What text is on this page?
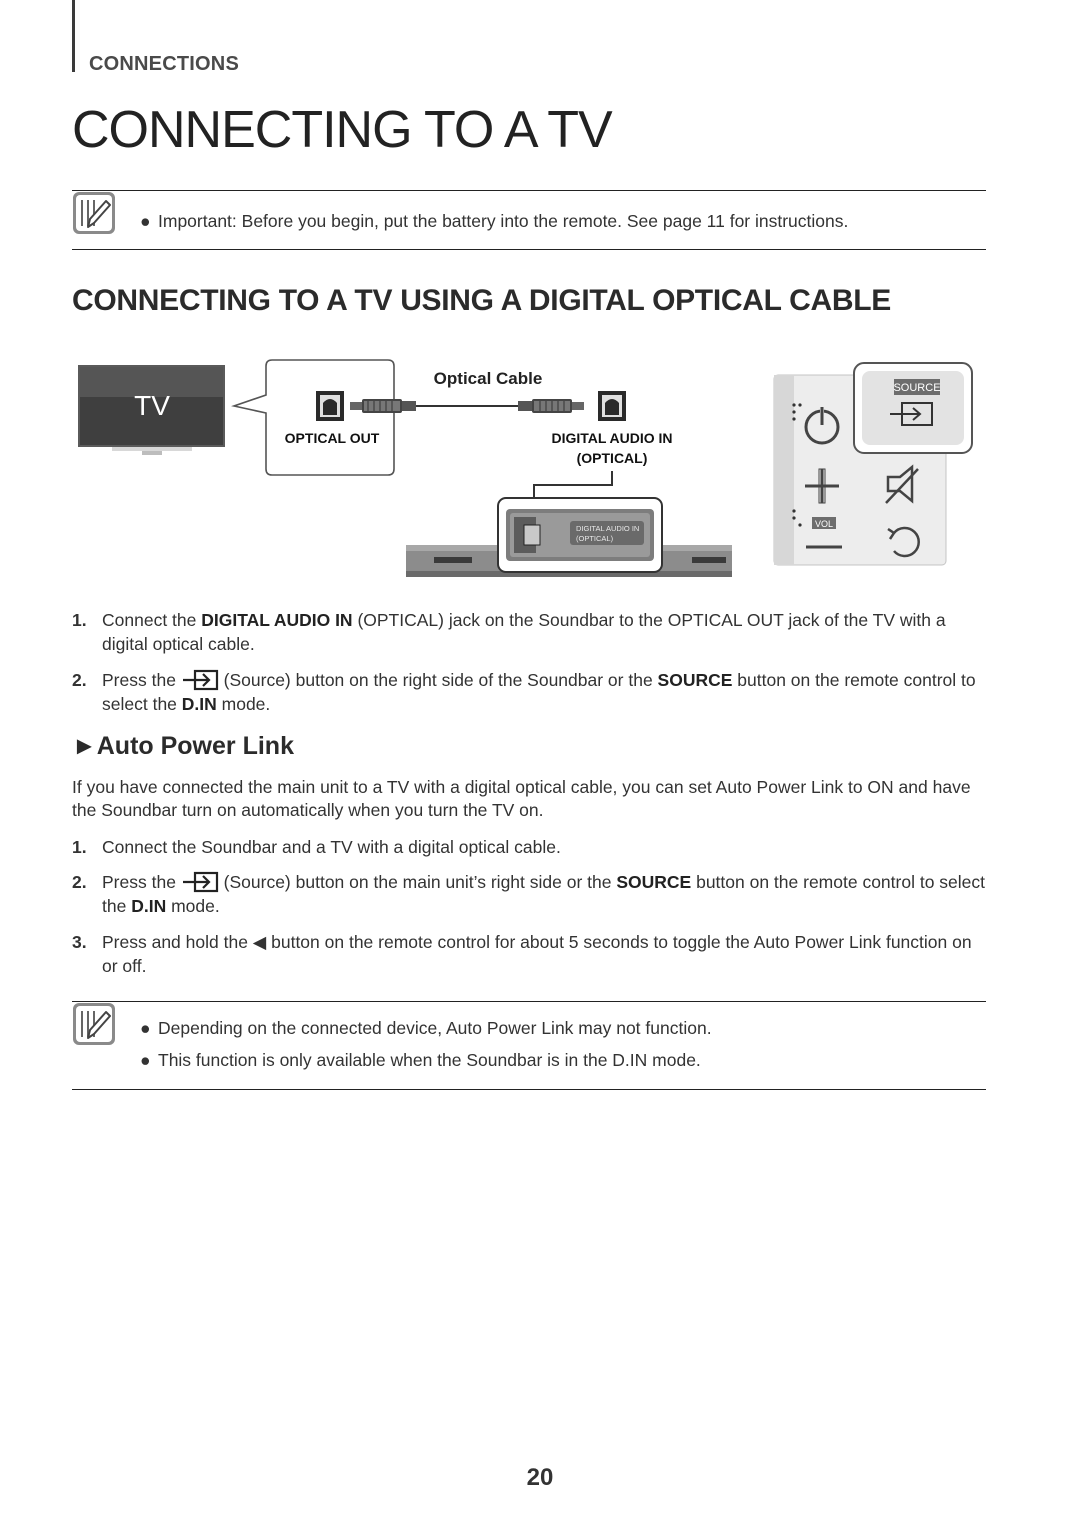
CONNECTIONS
CONNECTING TO A TV
● Important: Before you begin, put the battery into the remote. See page 11 for instructions.
CONNECTING TO A TV USING A DIGITAL OPTICAL CABLE
TV
OPTICAL OUT
Optical Cable
DIGITAL AUDIO IN
(OPTICAL)
DIGITAL AUDIO IN
(OPTICAL)
SOURCE
VOL
1. Connect the DIGITAL AUDIO IN (OPTICAL) jack on the Soundbar to the OPTICAL OUT jack of the TV with a digital optical cable.
2. Press the  (Source) button on the right side of the Soundbar or the SOURCE button on the remote control to select the D.IN mode.
►Auto Power Link

If you have connected the main unit to a TV with a digital optical cable, you can set Auto Power Link to ON and have the Soundbar turn on automatically when you turn the TV on.

1. Connect the Soundbar and a TV with a digital optical cable.
2. Press the  (Source) button on the main unit’s right side or the SOURCE button on the remote control to select the D.IN mode.
3. Press and hold the ◀ button on the remote control for about 5 seconds to toggle the Auto Power Link function on or off.
● Depending on the connected device, Auto Power Link may not function.
● This function is only available when the Soundbar is in the D.IN mode.
20
